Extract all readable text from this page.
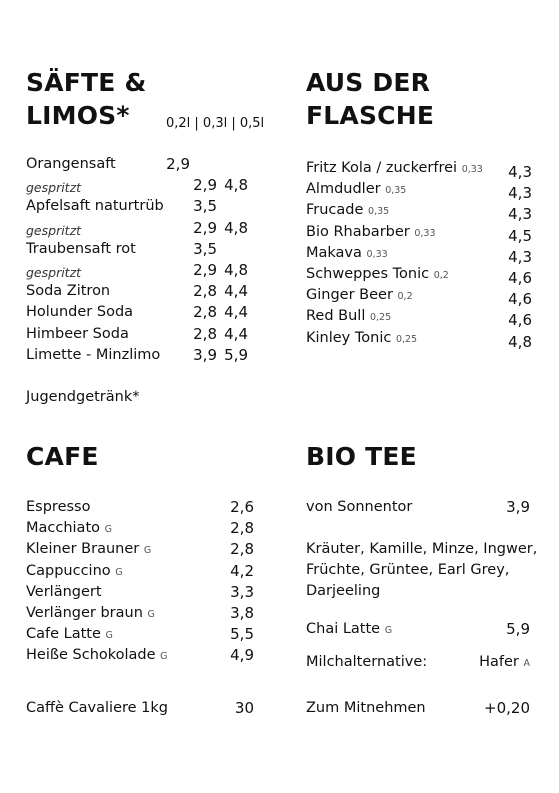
SÄFTE &
LIMOS*	0,2l | 0,3l | 0,5l
Orangensaft	2,9
gespritzt	2,9 4,8
Apfelsaft naturtrüb 3,5
gespritzt	2,9 4,8
Traubensaft rot	3,5
gespritzt	2,9 4,8
Soda Zitron	2,8 4,4
Holunder Soda	2,8 4,4
Himbeer Soda	2,8 4,4
Limette - Minzlimo 3,9 5,9
Jugendgetränk*
AUS DER
FLASCHE
Fritz Kola / zuckerfrei 0,33	4,3
Almdudler 0,35	4,3
Frucade 0,35	4,3
Bio Rhabarber 0,33	4,5
Makava 0,33	4,3
Schweppes Tonic 0,2	4,6
Ginger Beer 0,2	4,6
Red Bull 0,25	4,6
Kinley Tonic 0,25	4,8
CAFE
Espresso	2,6
Macchiato G	2,8
Kleiner Brauner G	2,8
Cappuccino G	4,2
Verlängert	3,3
Verlänger braun G	3,8
Cafe Latte G	5,5
Heiße Schokolade G	4,9
Caffè Cavaliere 1kg	30
BIO TEE
von Sonnentor	3,9
Kräuter, Kamille, Minze, Ingwer,
Früchte, Grüntee, Earl Grey,
Darjeeling
Chai Latte G	5,9
Milchalternative:	Hafer A
Zum Mitnehmen	+0,20
